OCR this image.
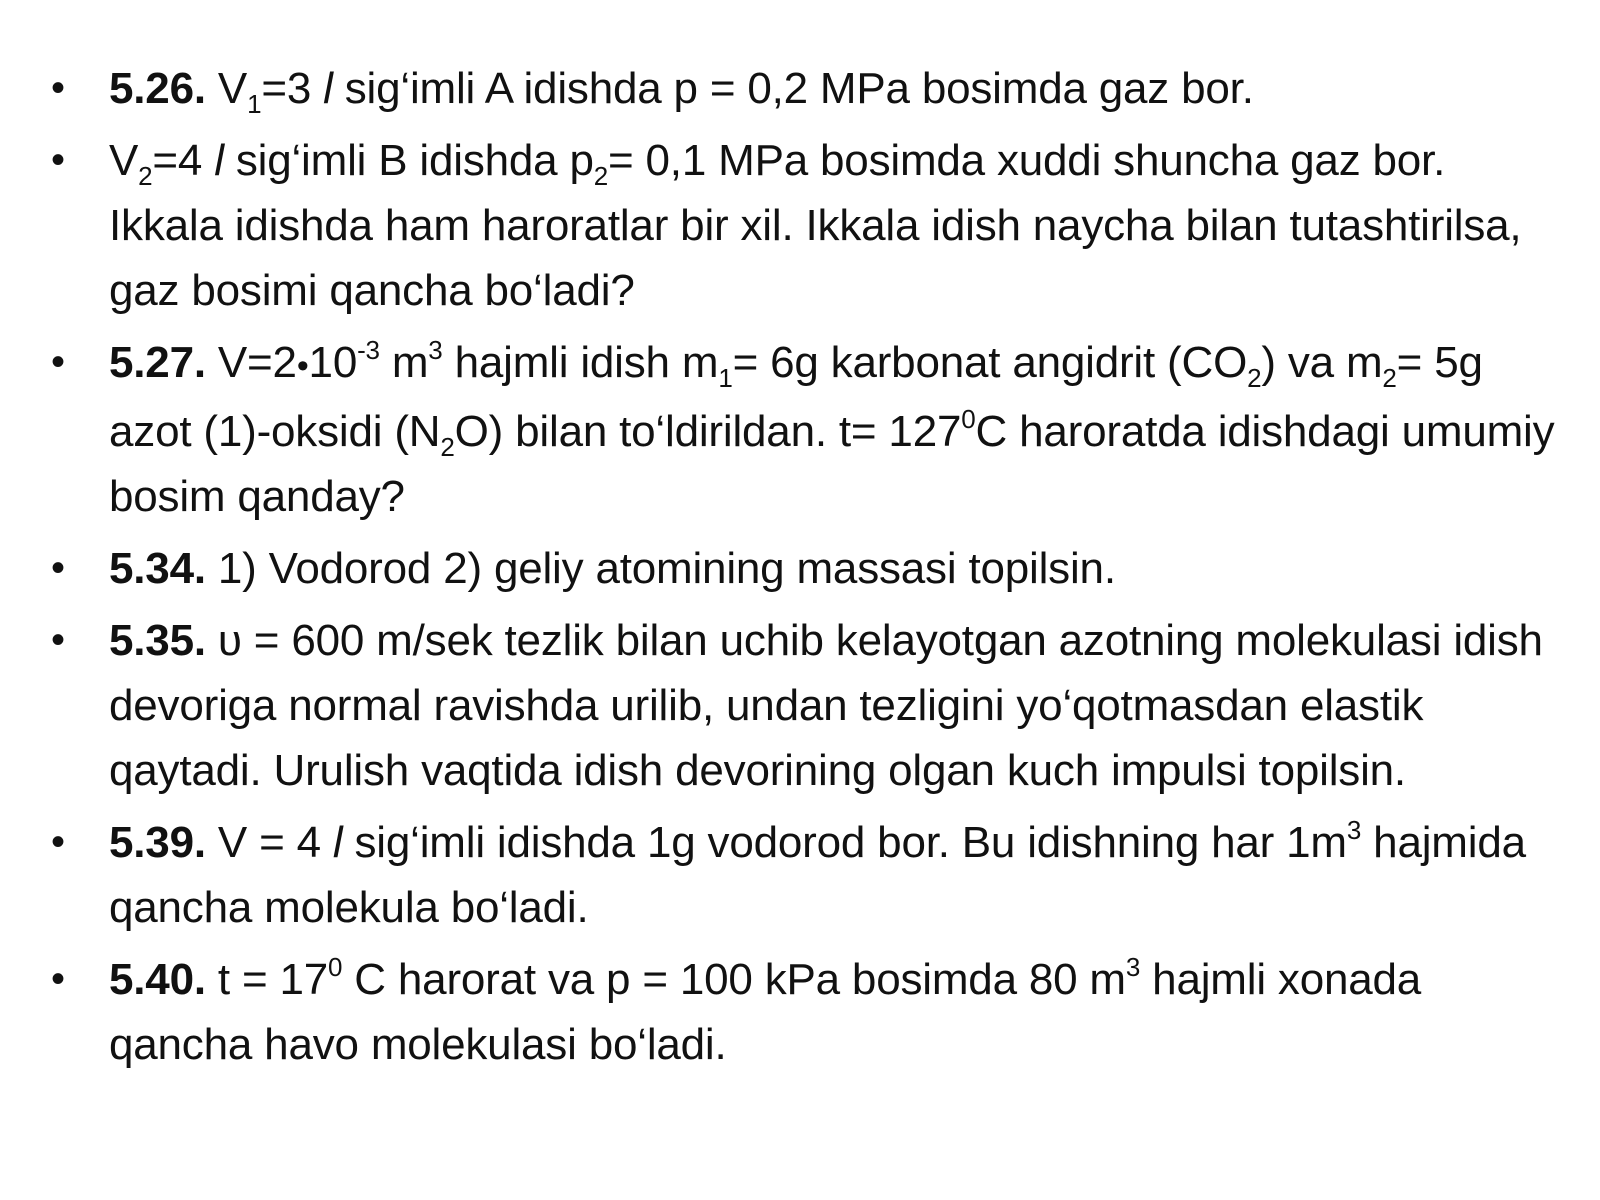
• 5.26. $V_1=3$ l sig‘imli A idishda p = 0,2 MPa bosimda gaz bor.
• $V_2=4$ l sig‘imli B idishda $p_2= 0,1$ MPa bosimda xuddi shuncha gaz bor. Ikkala idishda ham haroratlar bir xil. Ikkala idish naycha bilan tutashtirilsa, gaz bosimi qancha bo‘ladi?
• 5.27. $V=2•10^{-3}$ $m^3$ hajmli idish $m_1= 6g$ karbonat angidrit $(CO_2)$ va $m_2= 5g$ azot (1)-oksidi $(N_2O)$ bilan to‘ldirildan. $t= 127^0C$ haroratda idishdagi umumiy bosim qanday?
• 5.34. 1) Vodorod 2) geliy atomining massasi topilsin.
• 5.35. υ = 600 m/sek tezlik bilan uchib kelayotgan azotning molekulasi idish devoriga normal ravishda urilib, undan tezligini yo‘qotmasdan elastik qaytadi. Urulish vaqtida idish devorining olgan kuch impulsi topilsin.
• 5.39. V = 4 l sig‘imli idishda 1g vodorod bor. Bu idishning har $1m^3$ hajmida qancha molekula bo‘ladi.
• 5.40. $t = 17^0$ C harorat va p = 100 kPa bosimda 80 $m^3$ hajmli xonada qancha havo molekulasi bo‘ladi.
